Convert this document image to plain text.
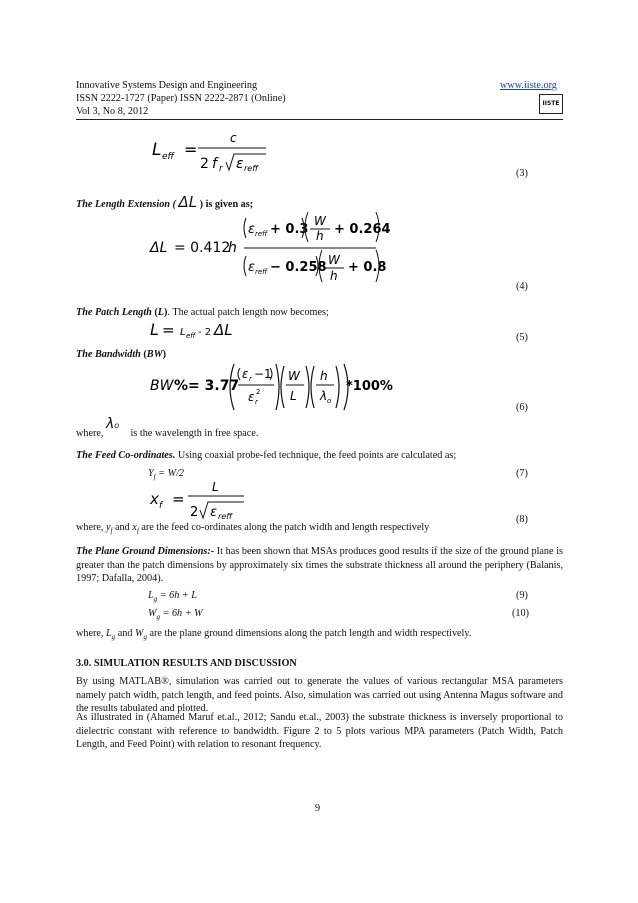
Innovative Systems Design and Engineering
ISSN 2222-1727 (Paper) ISSN 2222-2871 (Online)
Vol 3, No 8, 2012
www.iiste.org
IISTE
L eff =
c
2 f r ε reff	(3)
The Length Extension ( ΔL ) is given as;
ΔL = 0.412
h
ε reff + 0.3
W
h + 0.264
ε reff − 0.258 W
h
+ 0.8
(4)
The Patch Length (L). The actual patch length now becomes;
L = L eff - 2 ΔL	(5)
The Bandwidth (BW)
BW %= 3.77
ε r −1
ε r
2
W
L
h
λ o
*100%
(6)
where, λo is the wavelength in free space.
The Feed Co-ordinates. Using coaxial probe-fed technique, the feed points are calculated as;
$Y_f = W/2$	(7)
x f =
L
2 ε reff	(8)
where, $y_f$ and $x_f$ are the feed co-ordinates along the patch width and length respectively
The Plane Ground Dimensions:- It has been shown that MSAs produces good results if the size of the ground plane is greater than the patch dimensions by approximately six times the substrate thickness all around the periphery (Balanis, 1997; Dafalla, 2004).
$L_g = 6h + L$	(9)
$W_g = 6h + W$	(10)
where, $L_g$ and $W_g$ are the plane ground dimensions along the patch length and width respectively.
3.0. SIMULATION RESULTS AND DISCUSSION
By using MATLAB®, simulation was carried out to generate the values of various rectangular MSA parameters namely patch width, patch length, and feed points. Also, simulation was carried out using Antenna Magus software and the results tabulated and plotted.
As illustrated in (Ahamed Maruf et.al., 2012; Sandu et.al., 2003) the substrate thickness is inversely proportional to dielectric constant with reference to bandwidth. Figure 2 to 5 plots various MPA parameters (Patch Width, Patch Length, and Feed Point) with relation to resonant frequency.
9
